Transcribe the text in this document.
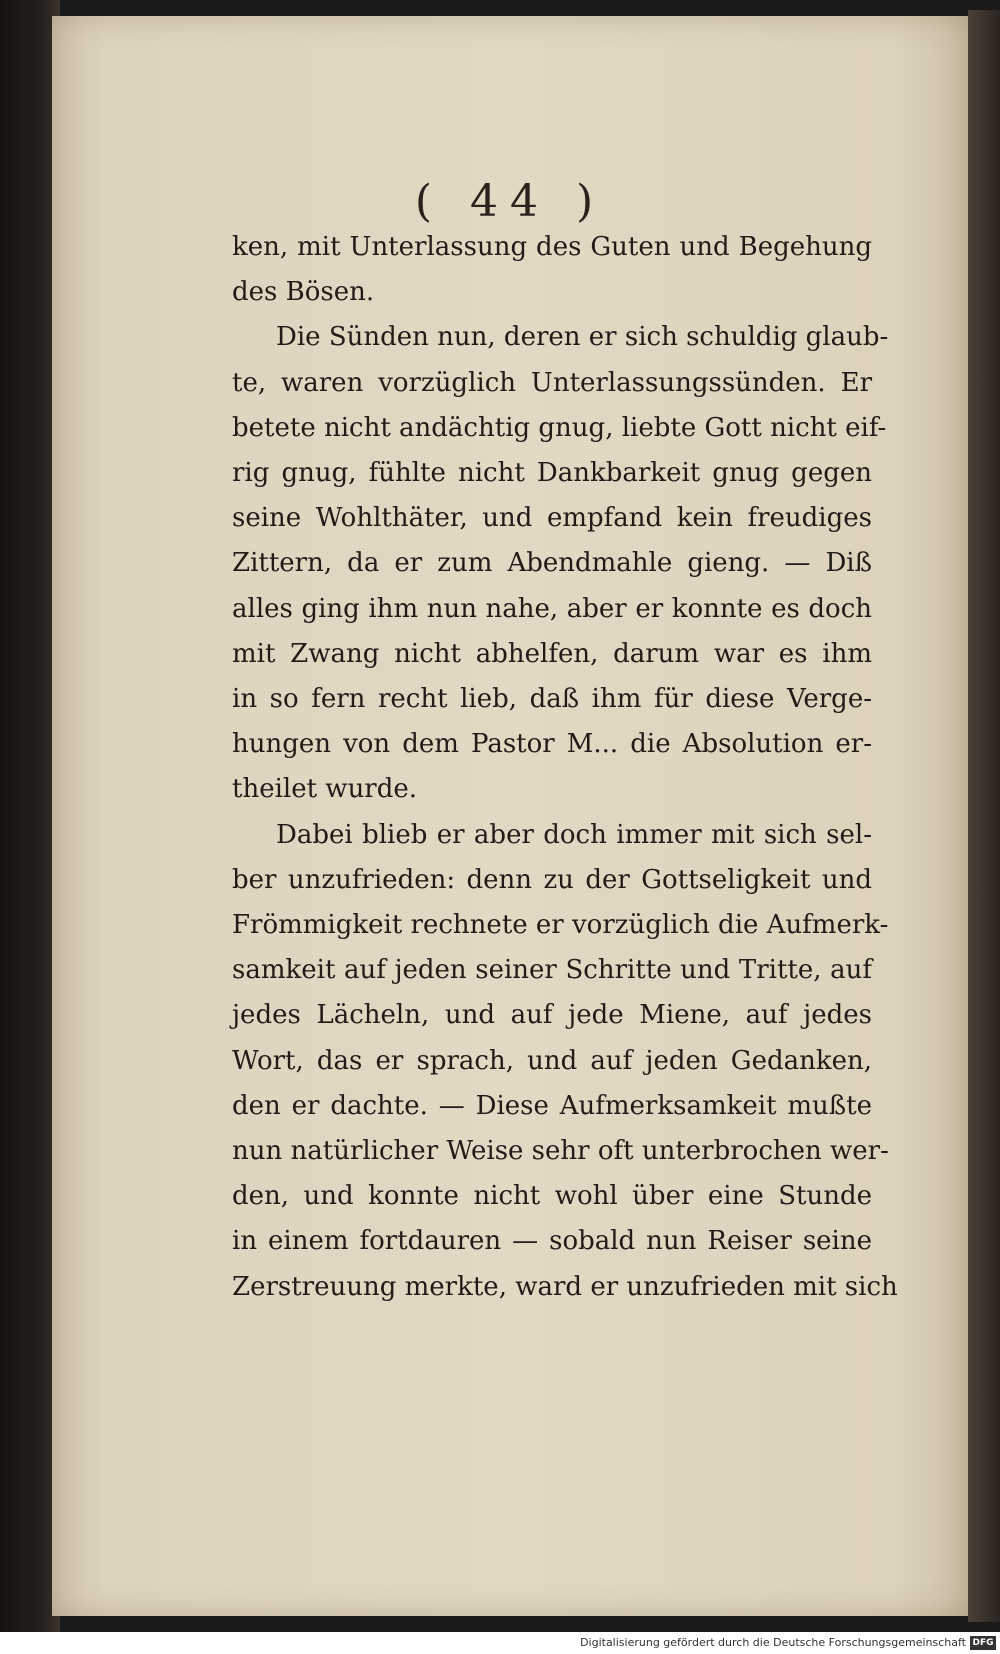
( 44 )
ken, mit Unterlassung des Guten und Begehung
des Bösen.
Die Sünden nun, deren er sich schuldig glaub-
te, waren vorzüglich Unterlassungssünden. Er
betete nicht andächtig gnug, liebte Gott nicht eif-
rig gnug, fühlte nicht Dankbarkeit gnug gegen
seine Wohlthäter, und empfand kein freudiges
Zittern, da er zum Abendmahle gieng. — Diß
alles ging ihm nun nahe, aber er konnte es doch
mit Zwang nicht abhelfen, darum war es ihm
in so fern recht lieb, daß ihm für diese Verge-
hungen von dem Pastor M... die Absolution er-
theilet wurde.
Dabei blieb er aber doch immer mit sich sel-
ber unzufrieden: denn zu der Gottseligkeit und
Frömmigkeit rechnete er vorzüglich die Aufmerk-
samkeit auf jeden seiner Schritte und Tritte, auf
jedes Lächeln, und auf jede Miene, auf jedes
Wort, das er sprach, und auf jeden Gedanken,
den er dachte. — Diese Aufmerksamkeit mußte
nun natürlicher Weise sehr oft unterbrochen wer-
den, und konnte nicht wohl über eine Stunde
in einem fortdauren — sobald nun Reiser seine
Zerstreuung merkte, ward er unzufrieden mit sich
Digitalisierung gefördert durch die Deutsche Forschungsgemeinschaft DFG
